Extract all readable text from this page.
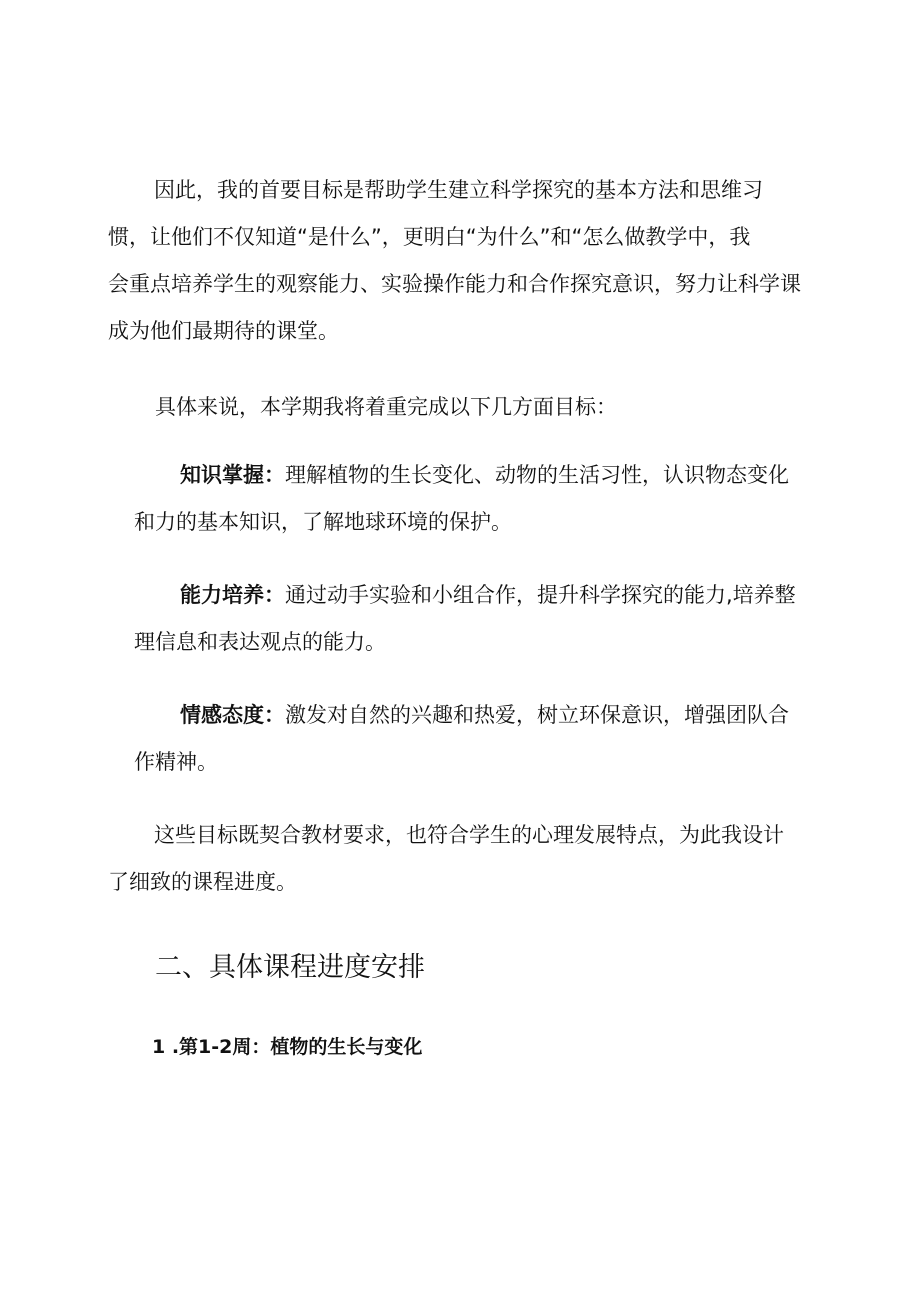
因此，我的首要目标是帮助学生建立科学探究的基本方法和思维习
惯，让他们不仅知道“是什么”，更明白“为什么”和“怎么做教学中，我
会重点培养学生的观察能力、实验操作能力和合作探究意识，努力让科学课
成为他们最期待的课堂。

具体来说，本学期我将着重完成以下几方面目标：

知识掌握：理解植物的生长变化、动物的生活习性，认识物态变化
和力的基本知识，了解地球环境的保护。

能力培养：通过动手实验和小组合作，提升科学探究的能力,培养整
理信息和表达观点的能力。

情感态度：激发对自然的兴趣和热爱，树立环保意识，增强团队合
作精神。

这些目标既契合教材要求，也符合学生的心理发展特点，为此我设计
了细致的课程进度。

二、具体课程进度安排
1 .第1-2周：植物的生长与变化
